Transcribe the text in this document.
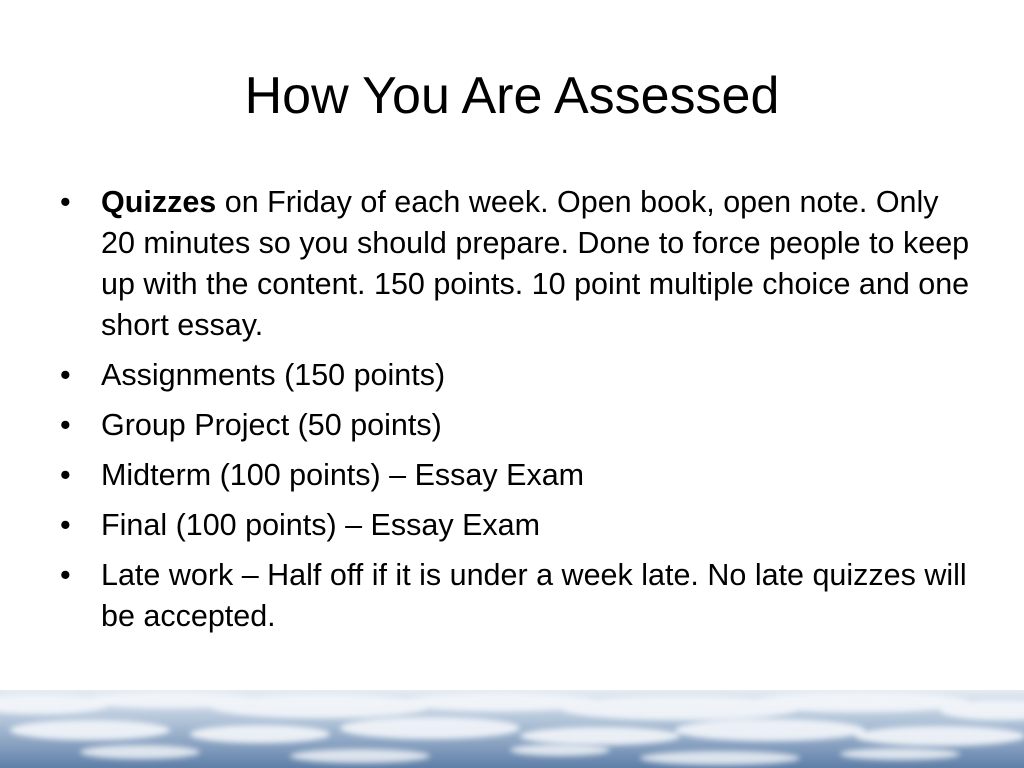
How You Are Assessed
• Quizzes on Friday of each week. Open book, open note. Only 20 minutes so you should prepare. Done to force people to keep up with the content. 150 points. 10 point multiple choice and one short essay.
• Assignments (150 points)
• Group Project (50 points)
• Midterm (100 points) – Essay Exam
• Final (100 points) – Essay Exam
• Late work – Half off if it is under a week late. No late quizzes will be accepted.
